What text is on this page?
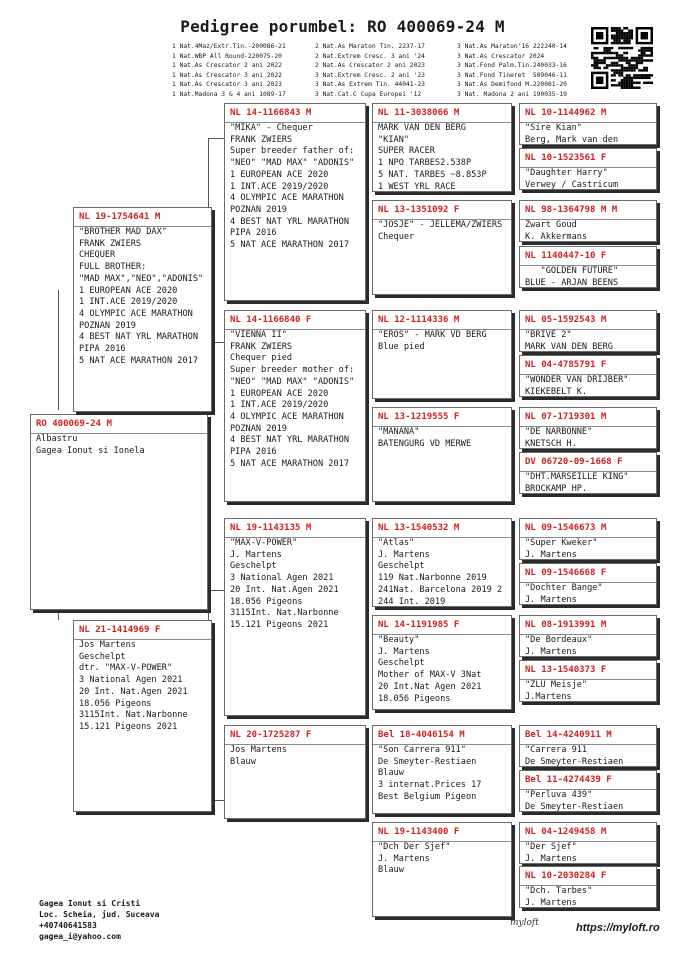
Pedigree porumbel: RO 400069-24 M
1 Nat.4Maz/Extr.Tin.-200086-21
1 Nat.WBP All Round-220075-20
1 Nat.As Crescator 2 ani 2022
1 Nat.As Crescator 3 ani 2022
1 Nat.As Crescator 3 ani 2023
1 Nat.Madona 3 & 4 ani 1089-17
2 Nat.As Maraton Tin. 2237-17
2 Nat.Extrem Cresc. 3 ani '24
2 Nat.As Crescator 2 ani 2023
3 Nat.Extrem Cresc. 2 ani '23
3 Nat.As Extrem Tin. 44041-23
3 Nat.Cat.C Cupa Europei '12
3 Nat.As Maraton'16 222240-14
3 Nat.As Crescator 2024
3 Nat.Fond Palm.Tin.240033-16
3 Nat.Fond Tineret  509046-11
3 Nat.As Demifond M.220081-20
3 Nat. Madona 2 ani 190035-19
RO 400069-24 M
Albastru
Gagea Ionut si Ionela
NL 19-1754641 M
"BROTHER MAD DAX"
FRANK ZWIERS
CHEQUER
FULL BROTHER:
"MAD MAX","NEO","ADONIS"
1 EUROPEAN ACE 2020
1 INT.ACE 2019/2020
4 OLYMPIC ACE MARATHON
POZNAN 2019
4 BEST NAT YRL MARATHON
PIPA 2016
5 NAT ACE MARATHON 2017
NL 21-1414969 F
Jos Martens
Geschelpt
dtr. "MAX-V-POWER"
3 National Agen 2021
20 Int. Nat.Agen 2021
18.056 Pigeons
3115Int. Nat.Narbonne
15.121 Pigeons 2021
NL 14-1166843 M
"MIKA" - Chequer
FRANK ZWIERS
Super breeder father of:
"NEO" "MAD MAX" "ADONIS"
1 EUROPEAN ACE 2020
1 INT.ACE 2019/2020
4 OLYMPIC ACE MARATHON
POZNAN 2019
4 BEST NAT YRL MARATHON
PIPA 2016
5 NAT ACE MARATHON 2017
NL 14-1166840 F
"VIENNA II"
FRANK ZWIERS
Chequer pied
Super breeder mother of:
"NEO" "MAD MAX" "ADONIS"
1 EUROPEAN ACE 2020
1 INT.ACE 2019/2020
4 OLYMPIC ACE MARATHON
POZNAN 2019
4 BEST NAT YRL MARATHON
PIPA 2016
5 NAT ACE MARATHON 2017
NL 19-1143135 M
"MAX-V-POWER"
J. Martens
Geschelpt
3 National Agen 2021
20 Int. Nat.Agen 2021
18.056 Pigeons
3115Int. Nat.Narbonne
15.121 Pigeons 2021
NL 20-1725287 F
Jos Martens
Blauw
NL 11-3038066 M
MARK VAN DEN BERG
"KIAN"
SUPER RACER
1 NPO TARBES2.538P
5 NAT. TARBES ~8.853P
1 WEST YRL RACE
NL 13-1351092 F
"JOSJE" - JELLEMA/ZWIERS
Chequer
NL 12-1114336 M
"EROS" - MARK VD BERG
Blue pied
NL 13-1219555 F
"MANANA"
BATENGURG VD MERWE
NL 13-1540532 M
"Atlas"
J. Martens
Geschelpt
119 Nat.Narbonne 2019
241Nat. Barcelona 2019 2
244 Int. 2019
NL 14-1191985 F
"Beauty"
J. Martens
Geschelpt
Mother of MAX-V 3Nat
20 Int.Nat Agen 2021
18.056 Pigeons
Bel 18-4046154 M
"Son Carrera 911"
De Smeyter-Restiaen
Blauw
3 internat.Prices 17
Best Belgium Pigeon
NL 19-1143400 F
"Dch Der Sjef"
J. Martens
Blauw
NL 10-1144962 M
"Sire Kian"
Berg, Mark van den
NL 10-1523561 F
"Daughter Harry"
Verwey / Castricum
NL 98-1364798 M M
Zwart Goud
K. Akkermans
NL 1140447-10 F
"GOLDEN FUTURE"
BLUE - ARJAN BEENS
NL 05-1592543 M
"BRIVE 2"
MARK VAN DEN BERG
NL 04-4785791 F
"WONDER VAN DRIJBER"
KIEKEBELT K.
NL 07-1719301 M
"DE NARBONNE"
KNETSCH H.
DV 06720-09-1668 F
"DHT.MARSEILLE KING"
BROCKAMP HP.
NL 09-1546673 M
"Super Kweker"
J. Martens
NL 09-1546668 F
"Dochter Bange"
J. Martens
NL 08-1913991 M
"De Bordeaux"
J. Martens
NL 13-1540373 F
"ZLU Meisje"
J.Martens
Bel 14-4240911 M
"Carrera 911
De Smeyter-Restiaen
Bel 11-4274439 F
"Perluva 439"
De Smeyter-Restiaen
NL 04-1249458 M
"Der Sjef"
J. Martens
NL 10-2030284 F
"Dch. Tarbes"
J. Martens
Gagea Ionut si Cristi
Loc. Scheia, jud. Suceava
+40740641583
gagea_i@yahoo.com
myloft	https://myloft.ro
